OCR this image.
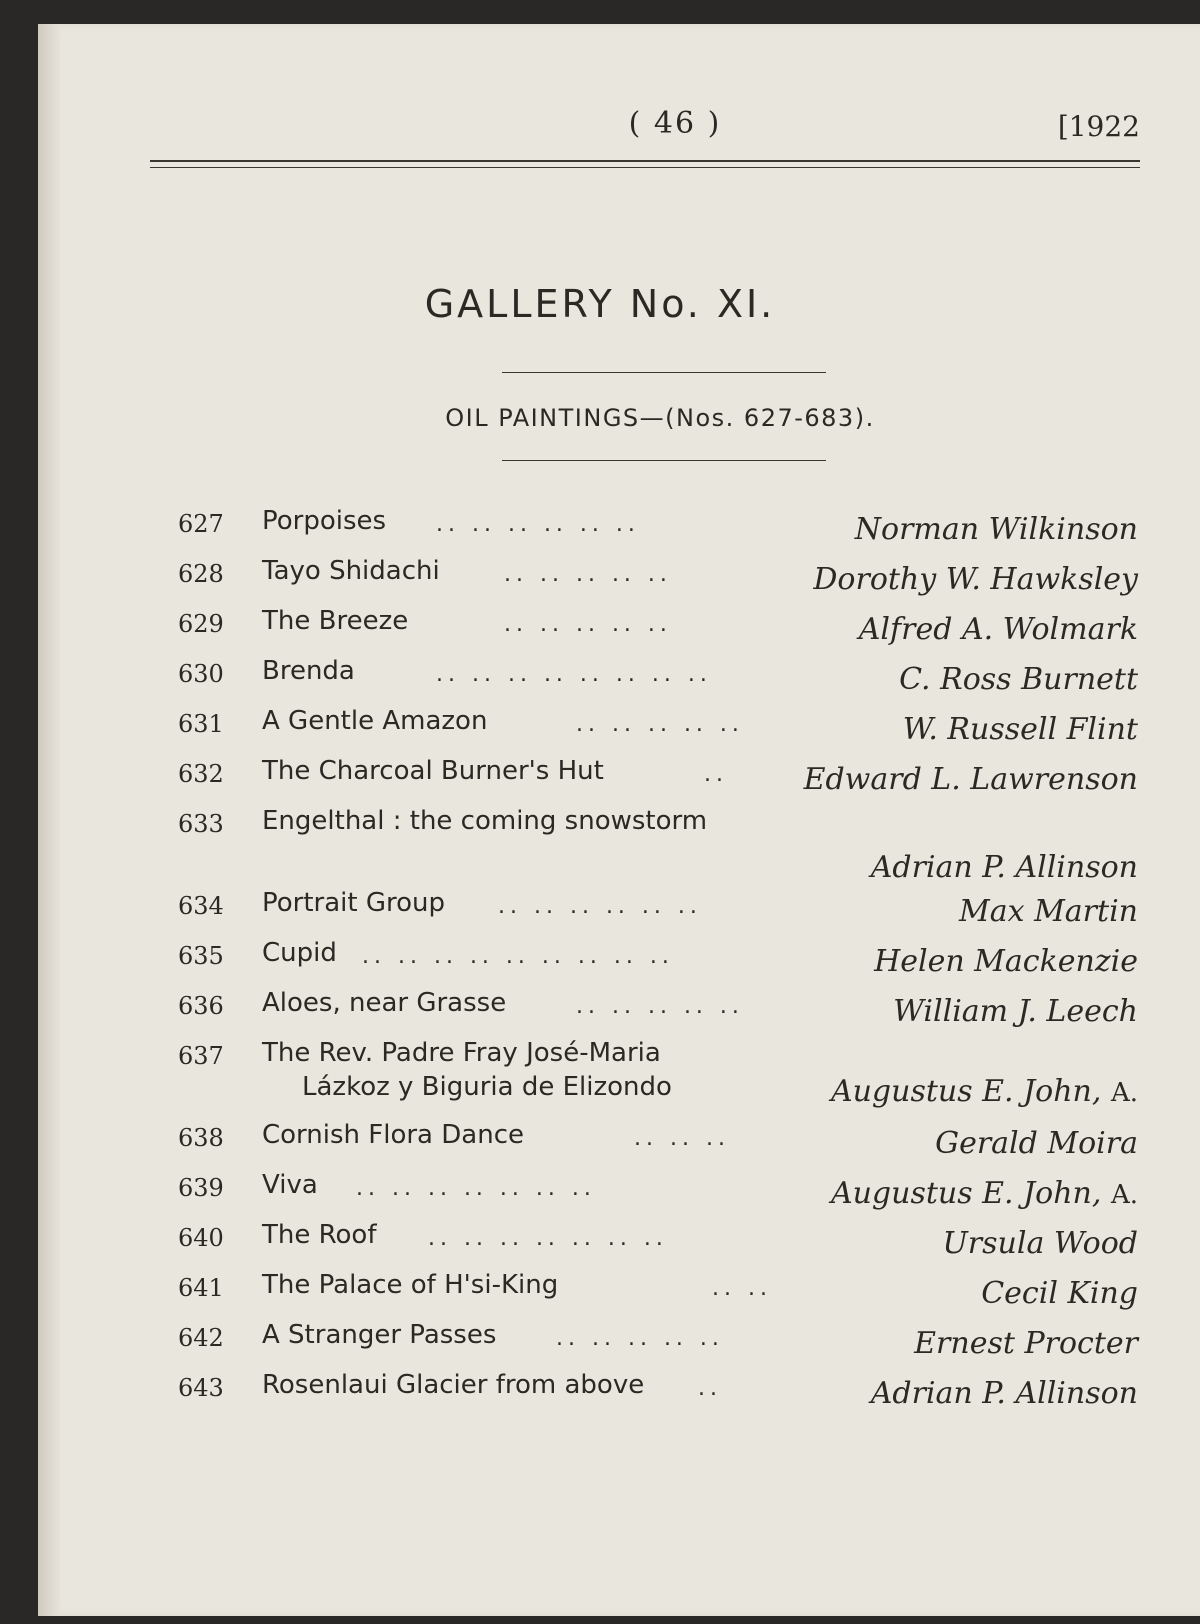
( 46 )	[1922
GALLERY No. XI.
OIL PAINTINGS—(Nos. 627-683).
627 Porpoises .. .. .. .. .. ..	Norman Wilkinson
628 Tayo Shidachi	.. .. .. .. ..	Dorothy W. Hawksley
629 The Breeze	.. .. .. .. ..	Alfred A. Wolmark
630 Brenda	.. .. .. .. .. .. .. ..	C. Ross Burnett
631 A Gentle Amazon	.. .. .. .. ..	W. Russell Flint
632 The Charcoal Burner's Hut	..	Edward L. Lawrenson
633 Engelthal : the coming snowstorm
Adrian P. Allinson
634 Portrait Group .. .. .. .. .. ..	Max Martin
635 Cupid .. .. .. .. .. .. .. .. ..	Helen Mackenzie
636 Aloes, near Grasse	.. .. .. .. ..	William J. Leech
637 The Rev. Padre Fray José-Maria
Lázkoz y Biguria de Elizondo	Augustus E. John, A.
638 Cornish Flora Dance	.. .. ..	Gerald Moira
639 Viva .. .. .. .. .. .. ..	Augustus E. John, A.
640 The Roof .. .. .. .. .. .. ..	Ursula Wood
641 The Palace of H'si-King	.. ..	Cecil King
642 A Stranger Passes	.. .. .. .. ..	Ernest Procter
643 Rosenlaui Glacier from above ..	Adrian P. Allinson
